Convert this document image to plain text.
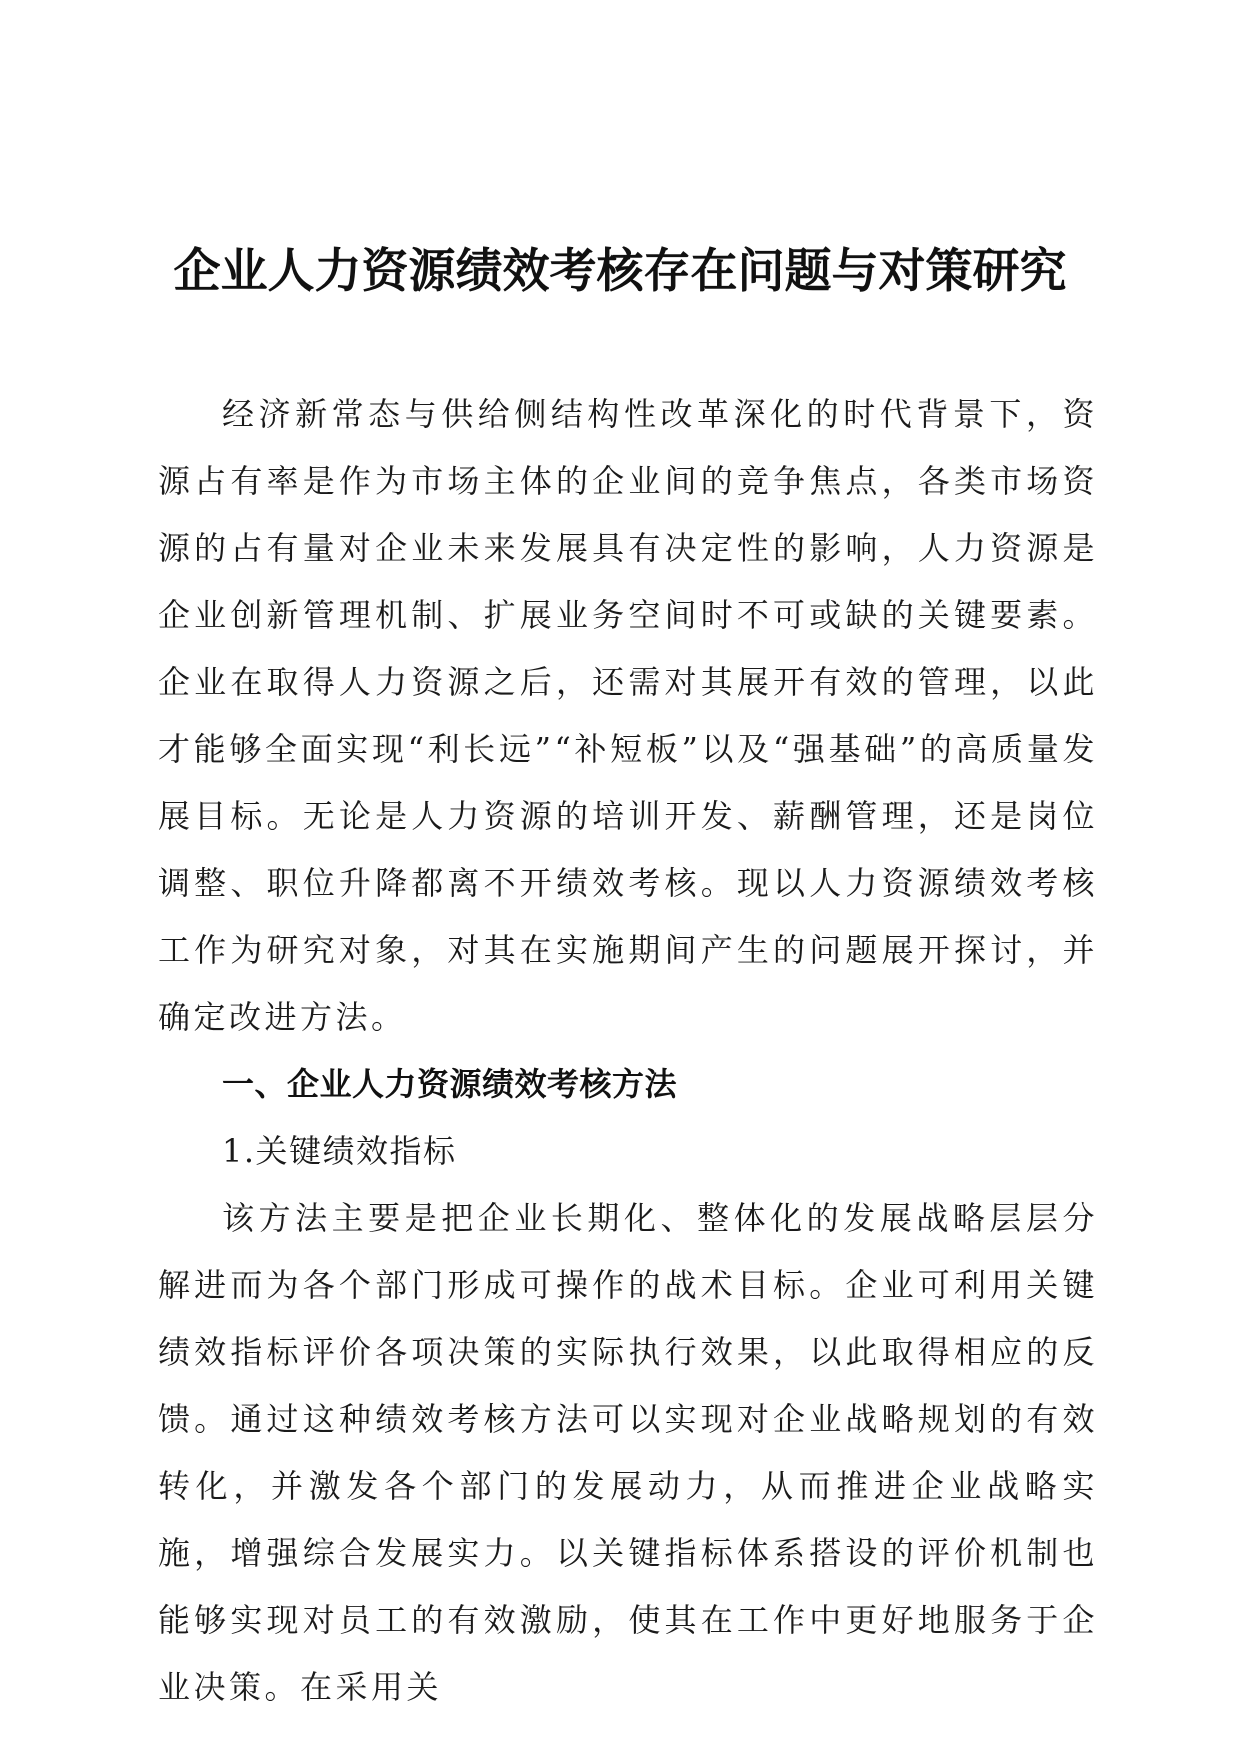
企业人力资源绩效考核存在问题与对策研究

经济新常态与供给侧结构性改革深化的时代背景下，资源占有率是作为市场主体的企业间的竞争焦点，各类市场资源的占有量对企业未来发展具有决定性的影响，人力资源是企业创新管理机制、扩展业务空间时不可或缺的关键要素。企业在取得人力资源之后，还需对其展开有效的管理，以此才能够全面实现“利长远”“补短板”以及“强基础”的高质量发展目标。无论是人力资源的培训开发、薪酬管理，还是岗位调整、职位升降都离不开绩效考核。现以人力资源绩效考核工作为研究对象，对其在实施期间产生的问题展开探讨，并确定改进方法。

一、企业人力资源绩效考核方法

1.关键绩效指标

该方法主要是把企业长期化、整体化的发展战略层层分解进而为各个部门形成可操作的战术目标。企业可利用关键绩效指标评价各项决策的实际执行效果，以此取得相应的反馈。通过这种绩效考核方法可以实现对企业战略规划的有效转化，并激发各个部门的发展动力，从而推进企业战略实施，增强综合发展实力。以关键指标体系搭设的评价机制也能够实现对员工的有效激励，使其在工作中更好地服务于企业决策。在采用关
